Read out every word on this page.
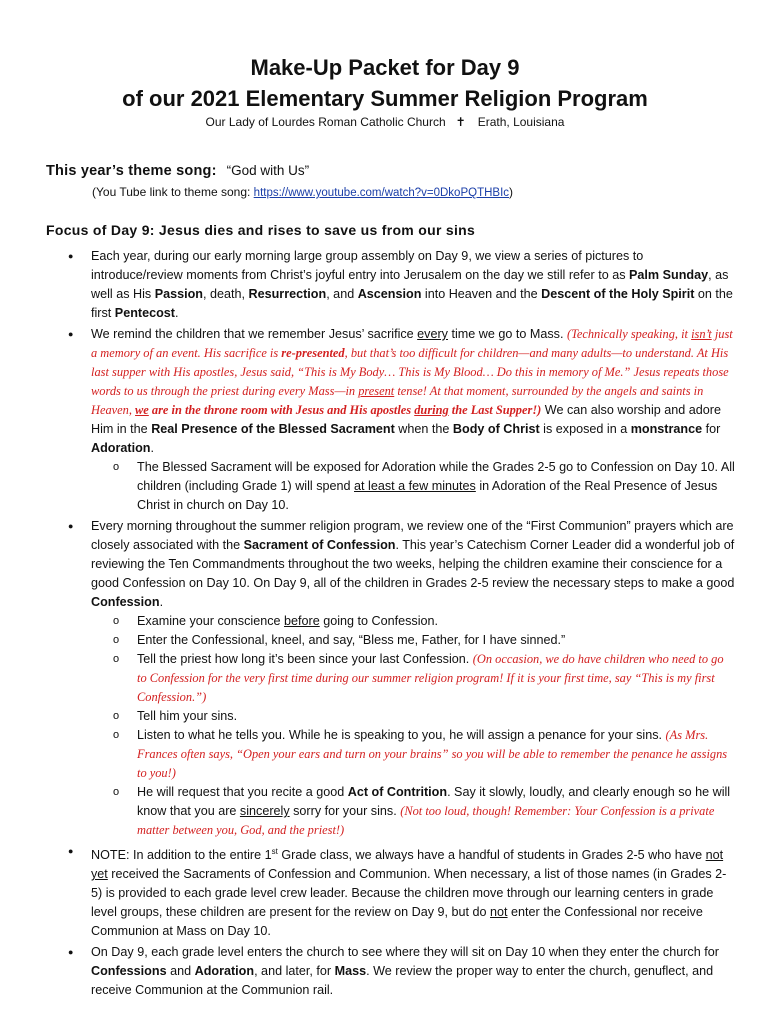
Make-Up Packet for Day 9
of our 2021 Elementary Summer Religion Program
Our Lady of Lourdes Roman Catholic Church ✝ Erath, Louisiana
This year’s theme song: “God with Us”
(You Tube link to theme song: https://www.youtube.com/watch?v=0DkoPQTHBIc)
Focus of Day 9: Jesus dies and rises to save us from our sins
● Each year, during our early morning large group assembly on Day 9, we view a series of pictures to introduce/review moments from Christ’s joyful entry into Jerusalem on the day we still refer to as Palm Sunday, as well as His Passion, death, Resurrection, and Ascension into Heaven and the Descent of the Holy Spirit on the first Pentecost.
● We remind the children that we remember Jesus’ sacrifice every time we go to Mass. (Technically speaking, it isn’t just a memory of an event. His sacrifice is re-presented, but that’s too difficult for children—and many adults—to understand. At His last supper with His apostles, Jesus said, “This is My Body… This is My Blood… Do this in memory of Me.” Jesus repeats those words to us through the priest during every Mass—in present tense! At that moment, surrounded by the angels and saints in Heaven, we are in the throne room with Jesus and His apostles during the Last Supper!) We can also worship and adore Him in the Real Presence of the Blessed Sacrament when the Body of Christ is exposed in a monstrance for Adoration.
o The Blessed Sacrament will be exposed for Adoration while the Grades 2-5 go to Confession on Day 10. All children (including Grade 1) will spend at least a few minutes in Adoration of the Real Presence of Jesus Christ in church on Day 10.
● Every morning throughout the summer religion program, we review one of the “First Communion” prayers which are closely associated with the Sacrament of Confession. This year’s Catechism Corner Leader did a wonderful job of reviewing the Ten Commandments throughout the two weeks, helping the children examine their conscience for a good Confession on Day 10. On Day 9, all of the children in Grades 2-5 review the necessary steps to make a good Confession.
o Examine your conscience before going to Confession.
o Enter the Confessional, kneel, and say, “Bless me, Father, for I have sinned.”
o Tell the priest how long it’s been since your last Confession. (On occasion, we do have children who need to go to Confession for the very first time during our summer religion program! If it is your first time, say “This is my first Confession.”)
o Tell him your sins.
o Listen to what he tells you. While he is speaking to you, he will assign a penance for your sins. (As Mrs. Frances often says, “Open your ears and turn on your brains” so you will be able to remember the penance he assigns to you!)
o He will request that you recite a good Act of Contrition. Say it slowly, loudly, and clearly enough so he will know that you are sincerely sorry for your sins. (Not too loud, though! Remember: Your Confession is a private matter between you, God, and the priest!)
● NOTE: In addition to the entire 1st Grade class, we always have a handful of students in Grades 2-5 who have not yet received the Sacraments of Confession and Communion. When necessary, a list of those names (in Grades 2-5) is provided to each grade level crew leader. Because the children move through our learning centers in grade level groups, these children are present for the review on Day 9, but do not enter the Confessional nor receive Communion at Mass on Day 10.
● On Day 9, each grade level enters the church to see where they will sit on Day 10 when they enter the church for Confessions and Adoration, and later, for Mass. We review the proper way to enter the church, genuflect, and receive Communion at the Communion rail.
